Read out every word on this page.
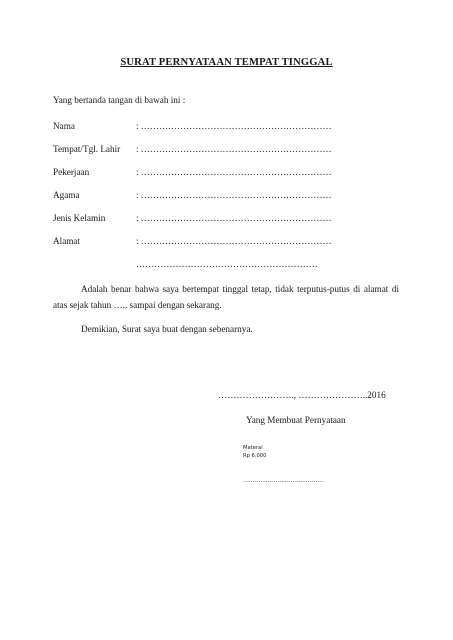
SURAT PERNYATAAN TEMPAT TINGGAL
Yang bertanda tangan di bawah ini :
Nama	: ………………………………………………………
Tempat/Tgl. Lahir : ………………………………………………………
Pekerjaan	: ………………………………………………………
Agama	: ………………………………………………………
Jenis Kelamin	: ………………………………………………………
Alamat	: ………………………………………………………
……………………………………………………
Adalah benar bahwa saya bertempat tinggal tetap, tidak terputus-putus di alamat di
atas sejak tahun ….. sampai dengan sekarang.
Demikian, Surat saya buat dengan sebenarnya.
……………………., …………………..2016
Yang Membuat Pernyataan
Materai
Rp 6.000
……………………………………
